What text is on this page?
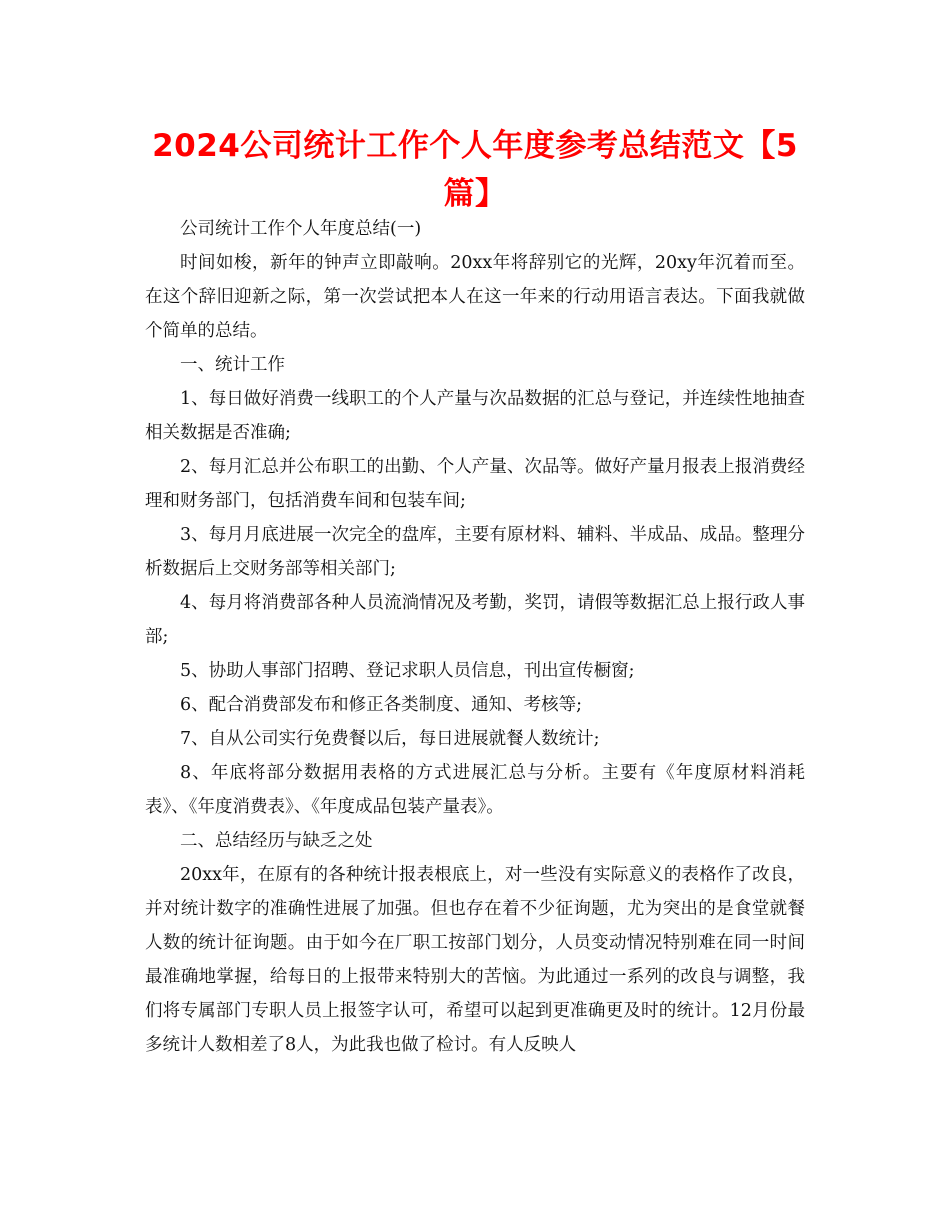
2024公司统计工作个人年度参考总结范文【5篇】

公司统计工作个人年度总结(一)

时间如梭，新年的钟声立即敲响。20xx年将辞别它的光辉，20xy年沉着而至。在这个辞旧迎新之际，第一次尝试把本人在这一年来的行动用语言表达。下面我就做个简单的总结。

一、统计工作

1、每日做好消费一线职工的个人产量与次品数据的汇总与登记，并连续性地抽查相关数据是否准确;

2、每月汇总并公布职工的出勤、个人产量、次品等。做好产量月报表上报消费经理和财务部门，包括消费车间和包装车间;

3、每月月底进展一次完全的盘库，主要有原材料、辅料、半成品、成品。整理分析数据后上交财务部等相关部门;

4、每月将消费部各种人员流淌情况及考勤，奖罚，请假等数据汇总上报行政人事部;

5、协助人事部门招聘、登记求职人员信息，刊出宣传橱窗;

6、配合消费部发布和修正各类制度、通知、考核等;

7、自从公司实行免费餐以后，每日进展就餐人数统计;

8、年底将部分数据用表格的方式进展汇总与分析。主要有《年度原材料消耗表》、《年度消费表》、《年度成品包装产量表》。

二、总结经历与缺乏之处

20xx年，在原有的各种统计报表根底上，对一些没有实际意义的表格作了改良，并对统计数字的准确性进展了加强。但也存在着不少征询题，尤为突出的是食堂就餐人数的统计征询题。由于如今在厂职工按部门划分，人员变动情况特别难在同一时间最准确地掌握，给每日的上报带来特别大的苦恼。为此通过一系列的改良与调整，我们将专属部门专职人员上报签字认可，希望可以起到更准确更及时的统计。12月份最多统计人数相差了8人，为此我也做了检讨。有人反映人
